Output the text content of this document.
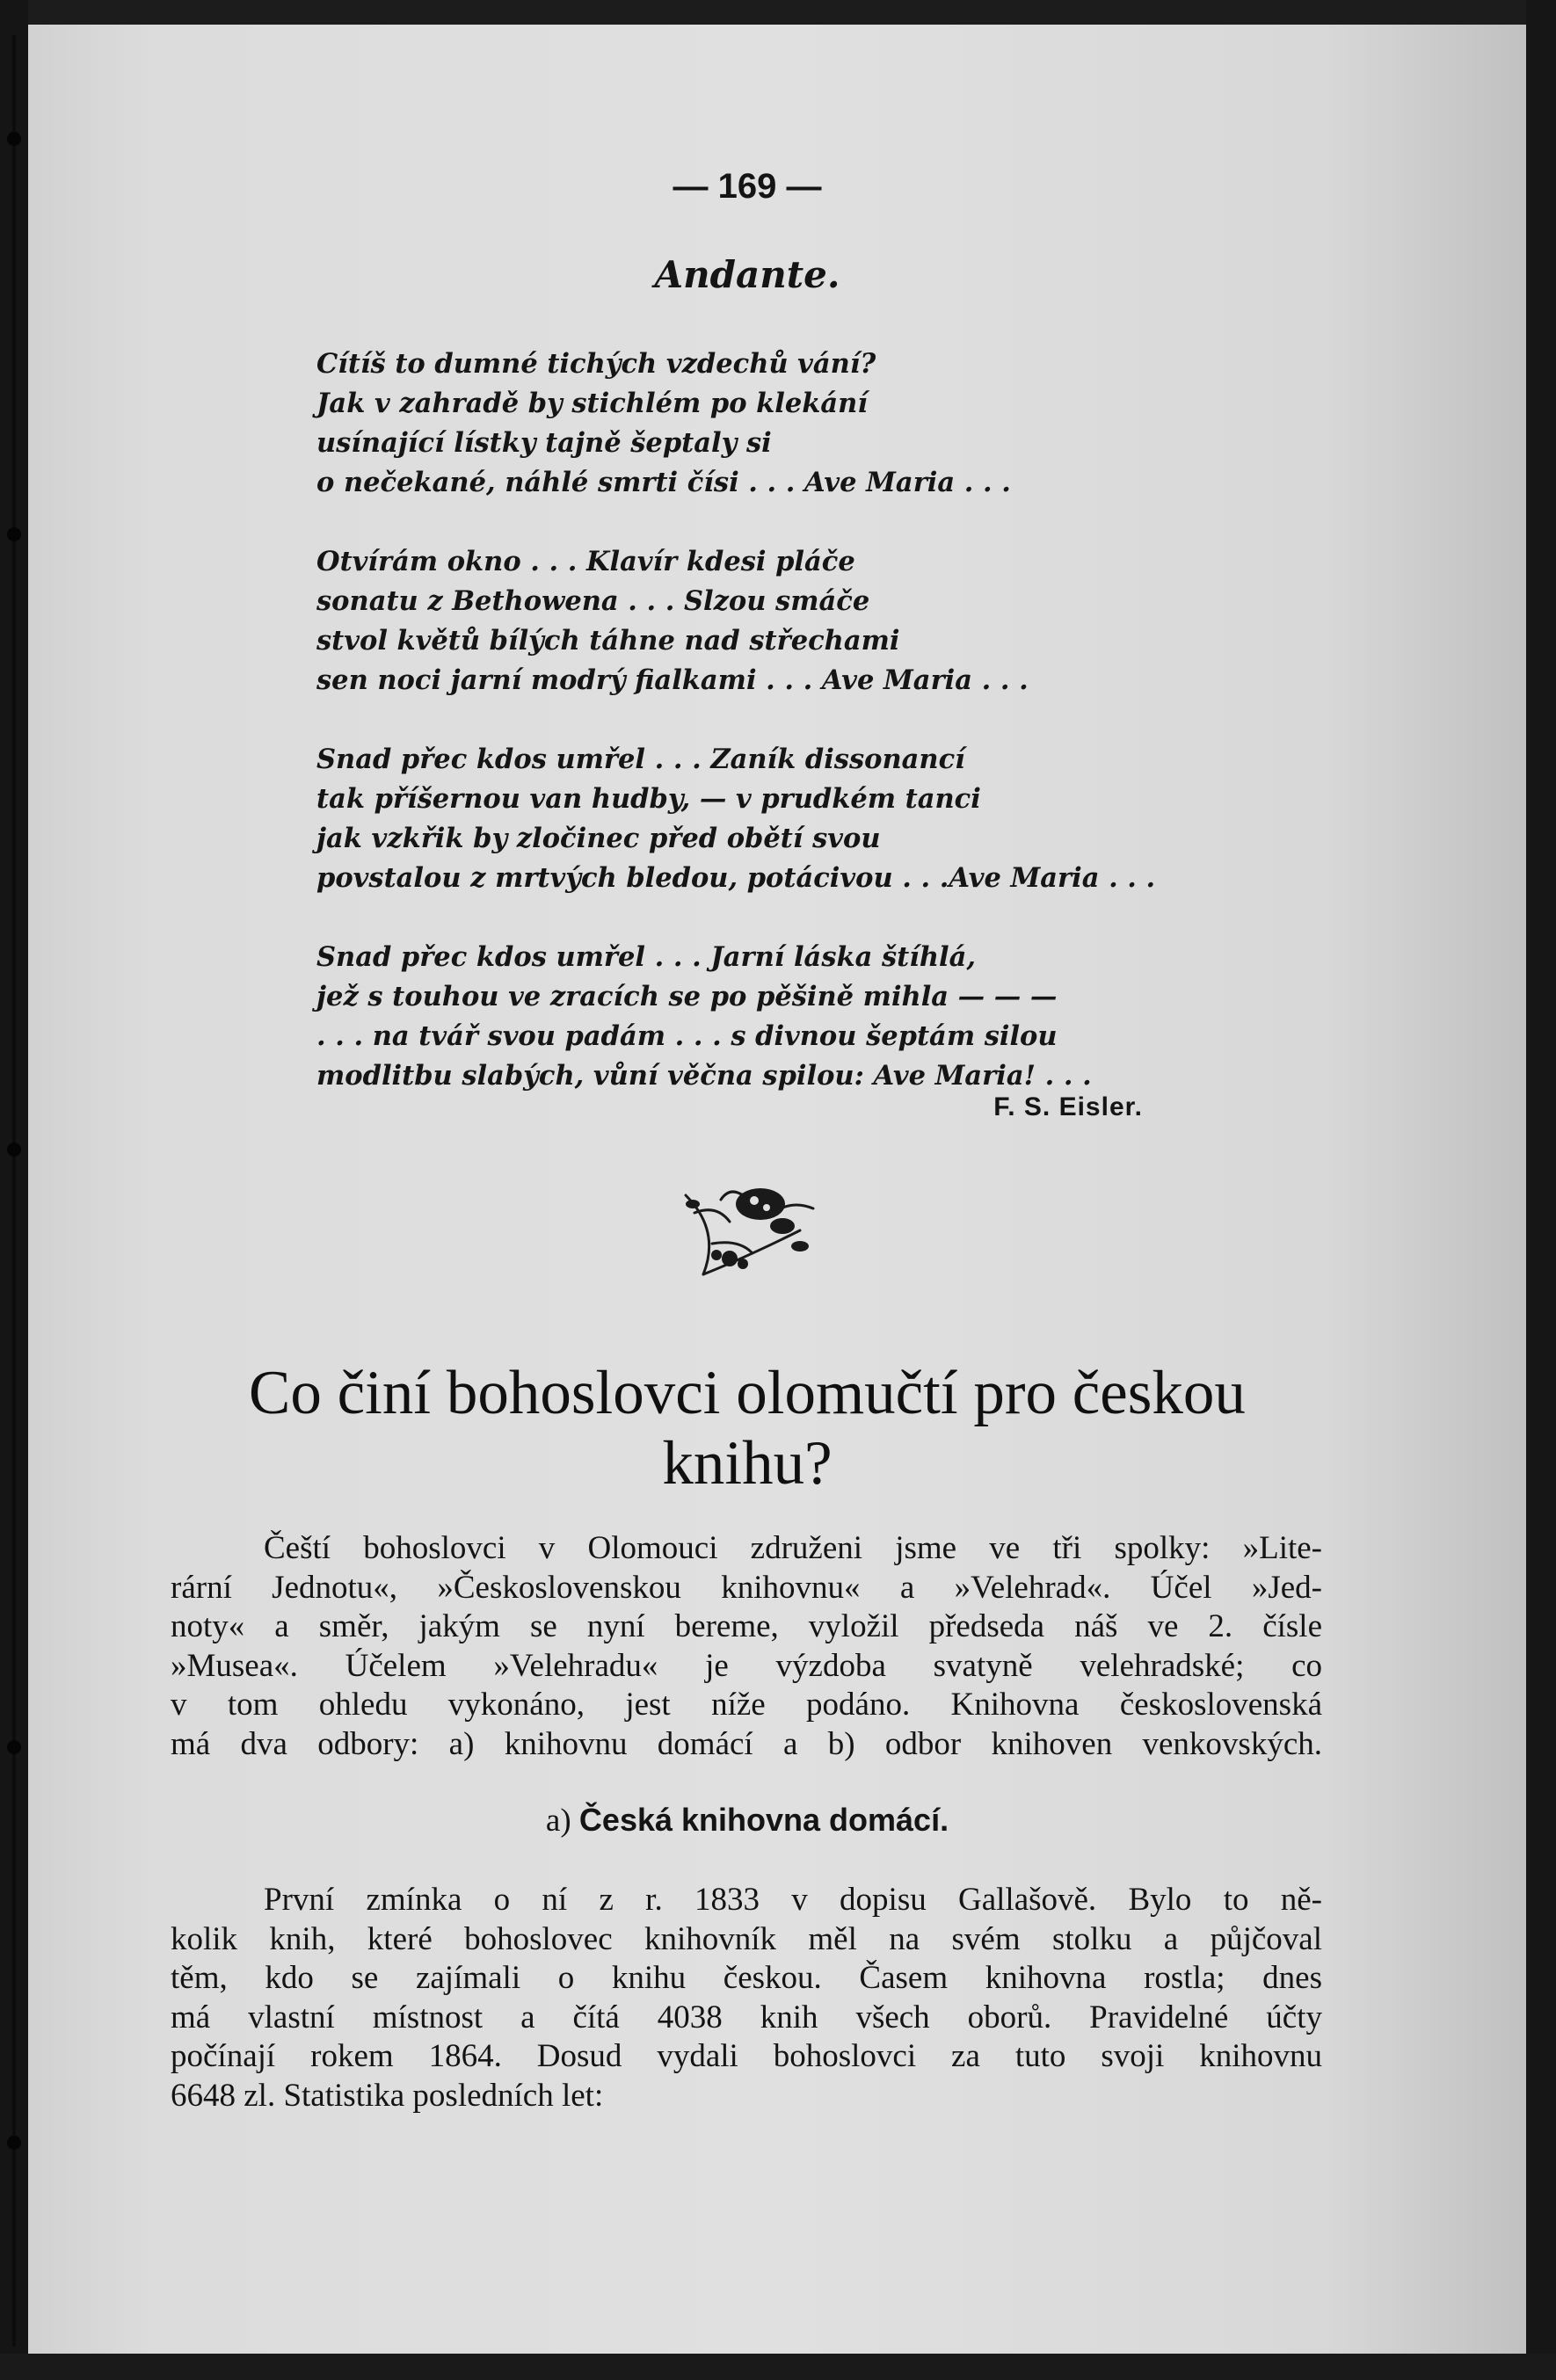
— 169 —
Andante.
Cítíš to dumné tichých vzdechů vání?
Jak v zahradě by stichlém po klekání
usínající lístky tajně šeptaly si
o nečekané, náhlé smrti čísi . . . Ave Maria . . .
Otvírám okno . . . Klavír kdesi pláče
sonatu z Bethowena . . . Slzou smáče
stvol květů bílých táhne nad střechami
sen noci jarní modrý fialkami . . . Ave Maria . . .
Snad přec kdos umřel . . . Zaník dissonancí
tak příšernou van hudby, — v prudkém tanci
jak vzkřik by zločinec před obětí svou
povstalou z mrtvých bledou, potácivou . . .Ave Maria . . .
Snad přec kdos umřel . . . Jarní láska štíhlá,
jež s touhou ve zracích se po pěšině mihla — — —
. . . na tvář svou padám . . . s divnou šeptám silou
modlitbu slabých, vůní věčna spilou: Ave Maria! . . .
F. S. Eisler.
Co činí bohoslovci olomučtí pro českou
knihu?
Čeští bohoslovci v Olomouci združeni jsme ve tři spolky: »Lite-
rární Jednotu«, »Československou knihovnu« a »Velehrad«. Účel »Jed-
noty« a směr, jakým se nyní bereme, vyložil předseda náš ve 2. čísle
»Musea«. Účelem »Velehradu« je výzdoba svatyně velehradské; co
v tom ohledu vykonáno, jest níže podáno. Knihovna československá
má dva odbory: a) knihovnu domácí a b) odbor knihoven venkovských.
a) Česká knihovna domácí.
První zmínka o ní z r. 1833 v dopisu Gallašově. Bylo to ně-
kolik knih, které bohoslovec knihovník měl na svém stolku a půjčoval
těm, kdo se zajímali o knihu českou. Časem knihovna rostla; dnes
má vlastní místnost a čítá 4038 knih všech oborů. Pravidelné účty
počínají rokem 1864. Dosud vydali bohoslovci za tuto svoji knihovnu
6648 zl. Statistika posledních let:
